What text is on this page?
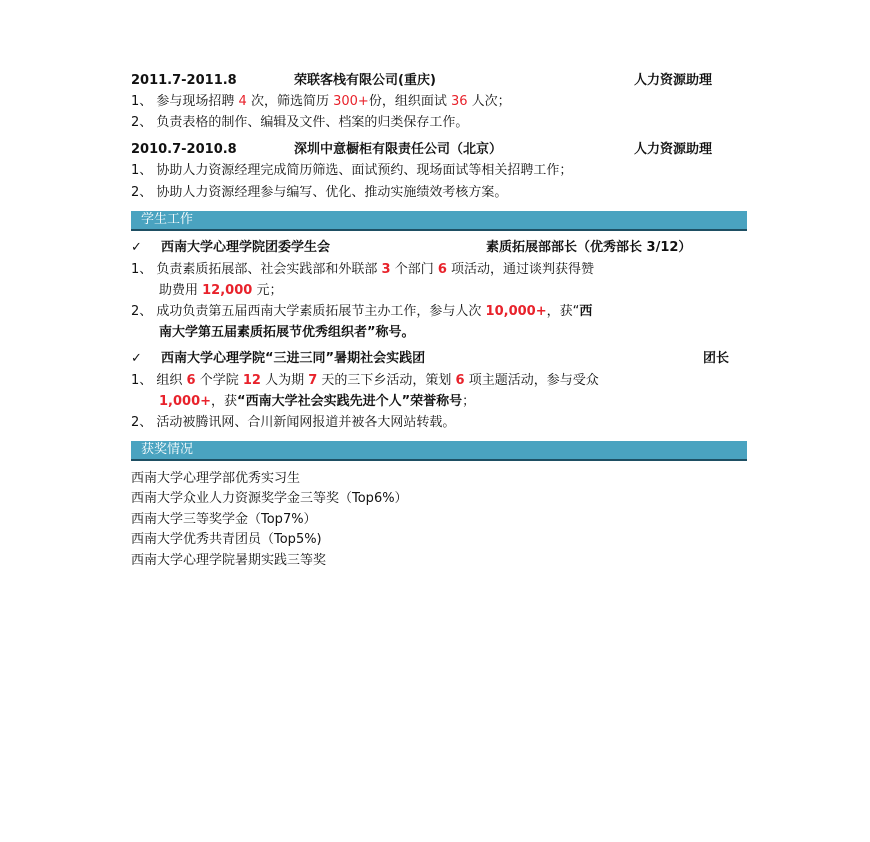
2011.7-2011.8	荣联客栈有限公司(重庆)	人力资源助理
1、 参与现场招聘 4 次，筛选简历 300+份，组织面试 36 人次；
2、 负责表格的制作、编辑及文件、档案的归类保存工作。
2010.7-2010.8	深圳中意橱柜有限责任公司（北京）	人力资源助理
1、 协助人力资源经理完成简历筛选、面试预约、现场面试等相关招聘工作；
2、 协助人力资源经理参与编写、优化、推动实施绩效考核方案。
学生工作
✓ 西南大学心理学院团委学生会	素质拓展部部长（优秀部长 3/12）
1、 负责素质拓展部、社会实践部和外联部 3 个部门 6 项活动，通过谈判获得赞
助费用 12,000 元；
2、 成功负责第五届西南大学素质拓展节主办工作，参与人次 10,000+，获“西
南大学第五届素质拓展节优秀组织者”称号。
✓ 西南大学心理学院“三进三同”暑期社会实践团	团长
1、 组织 6 个学院 12 人为期 7 天的三下乡活动，策划 6 项主题活动，参与受众
1,000+，获“西南大学社会实践先进个人”荣誉称号；
2、 活动被腾讯网、合川新闻网报道并被各大网站转载。
获奖情况
西南大学心理学部优秀实习生
西南大学众业人力资源奖学金三等奖（Top6%）
西南大学三等奖学金（Top7%）
西南大学优秀共青团员（Top5%)
西南大学心理学院暑期实践三等奖
